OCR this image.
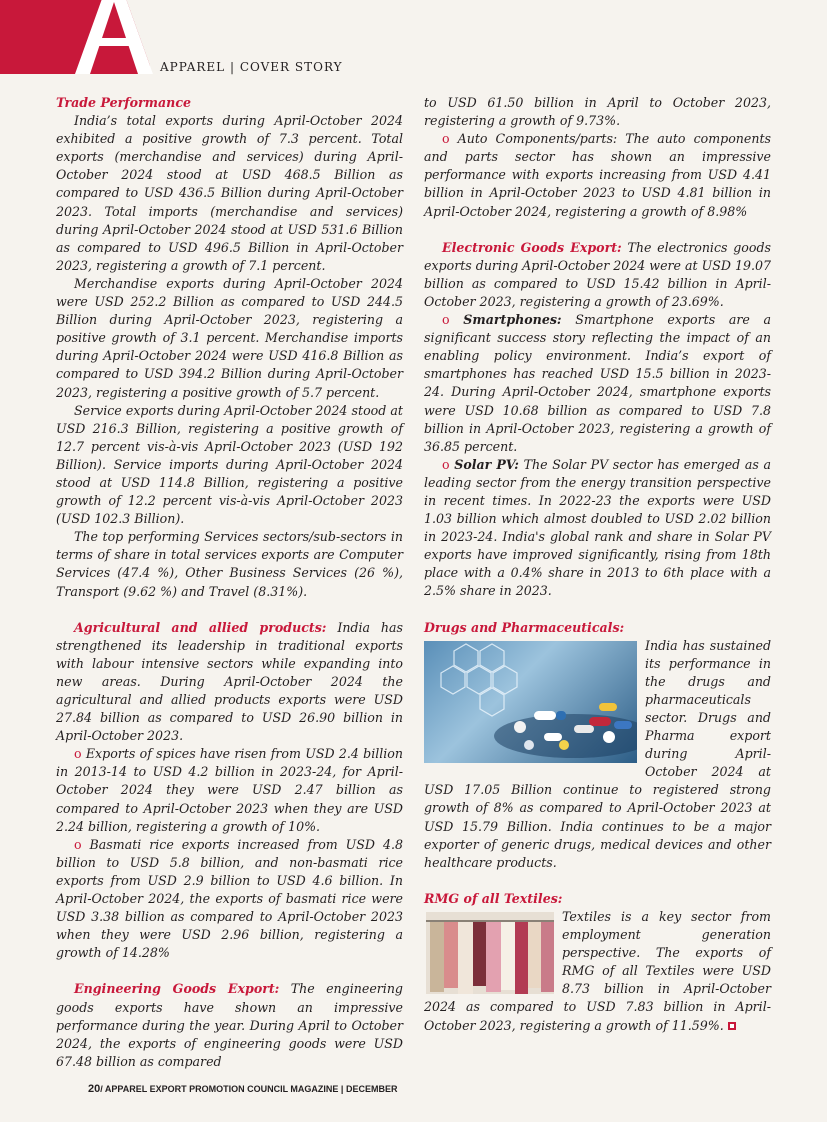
APPAREL | COVER STORY

Trade Performance

India’s total exports during April-October 2024 exhibited a positive growth of 7.3 percent. Total exports (merchandise and services) during April-October 2024 stood at USD 468.5 Billion as compared to USD 436.5 Billion during April-October 2023. Total imports (merchandise and services) during April-October 2024 stood at USD 531.6 Billion as compared to USD 496.5 Billion in April-October 2023, registering a growth of 7.1 percent.

Merchandise exports during April-October 2024 were USD 252.2 Billion as compared to USD 244.5 Billion during April-October 2023, registering a positive growth of 3.1 percent. Merchandise imports during April-October 2024 were USD 416.8 Billion as compared to USD 394.2 Billion during April-October 2023, registering a positive growth of 5.7 percent.

Service exports during April-October 2024 stood at USD 216.3 Billion, registering a positive growth of 12.7 percent vis-à-vis April-October 2023 (USD 192 Billion). Service imports during April-October 2024 stood at USD 114.8 Billion, registering a positive growth of 12.2 percent vis-à-vis April-October 2023 (USD 102.3 Billion).

The top performing Services sectors/sub-sectors in terms of share in total services exports are Computer Services (47.4 %), Other Business Services (26 %), Transport (9.62 %) and Travel (8.31%).

Agricultural and allied products: India has strengthened its leadership in traditional exports with labour intensive sectors while expanding into new areas. During April-October 2024 the agricultural and allied products exports were USD 27.84 billion as compared to USD 26.90 billion in April-October 2023.

o Exports of spices have risen from USD 2.4 billion in 2013-14 to USD 4.2 billion in 2023-24, for April-October 2024 they were USD 2.47 billion as compared to April-October 2023 when they are USD 2.24 billion, registering a growth of 10%.

o Basmati rice exports increased from USD 4.8 billion to USD 5.8 billion, and non-basmati rice exports from USD 2.9 billion to USD 4.6 billion. In April-October 2024, the exports of basmati rice were USD 3.38 billion as compared to April-October 2023 when they were USD 2.96 billion, registering a growth of 14.28%

Engineering Goods Export: The engineering goods exports have shown an impressive performance during the year. During April to October 2024, the exports of engineering goods were USD 67.48 billion as compared

to USD 61.50 billion in April to October 2023, registering a growth of 9.73%.

o Auto Components/parts: The auto components and parts sector has shown an impressive performance with exports increasing from USD 4.41 billion in April-October 2023 to USD 4.81 billion in April-October 2024, registering a growth of 8.98%

Electronic Goods Export: The electronics goods exports during April-October 2024 were at USD 19.07 billion as compared to USD 15.42 billion in April-October 2023, registering a growth of 23.69%.

o Smartphones: Smartphone exports are a significant success story reflecting the impact of an enabling policy environment. India’s export of smartphones has reached USD 15.5 billion in 2023-24. During April-October 2024, smartphone exports were USD 10.68 billion as compared to USD 7.8 billion in April-October 2023, registering a growth of 36.85 percent.

o Solar PV: The Solar PV sector has emerged as a leading sector from the energy transition perspective in recent times. In 2022-23 the exports were USD 1.03 billion which almost doubled to USD 2.02 billion in 2023-24. India's global rank and share in Solar PV exports have improved significantly, rising from 18th place with a 0.4% share in 2013 to 6th place with a 2.5% share in 2023.

Drugs and Pharmaceuticals:

India has sustained its performance in the drugs and pharmaceuticals sector. Drugs and Pharma export during April-October 2024 at USD 17.05 Billion continue to registered strong growth of 8% as compared to April-October 2023 at USD 15.79 Billion. India continues to be a major exporter of generic drugs, medical devices and other healthcare products.

RMG of all Textiles:

Textiles is a key sector from employment generation perspective. The exports of RMG of all Textiles were USD 8.73 billion in April-October 2024 as compared to USD 7.83 billion in April-October 2023, registering a growth of 11.59%.

20/ APPAREL EXPORT PROMOTION COUNCIL MAGAZINE | DECEMBER
